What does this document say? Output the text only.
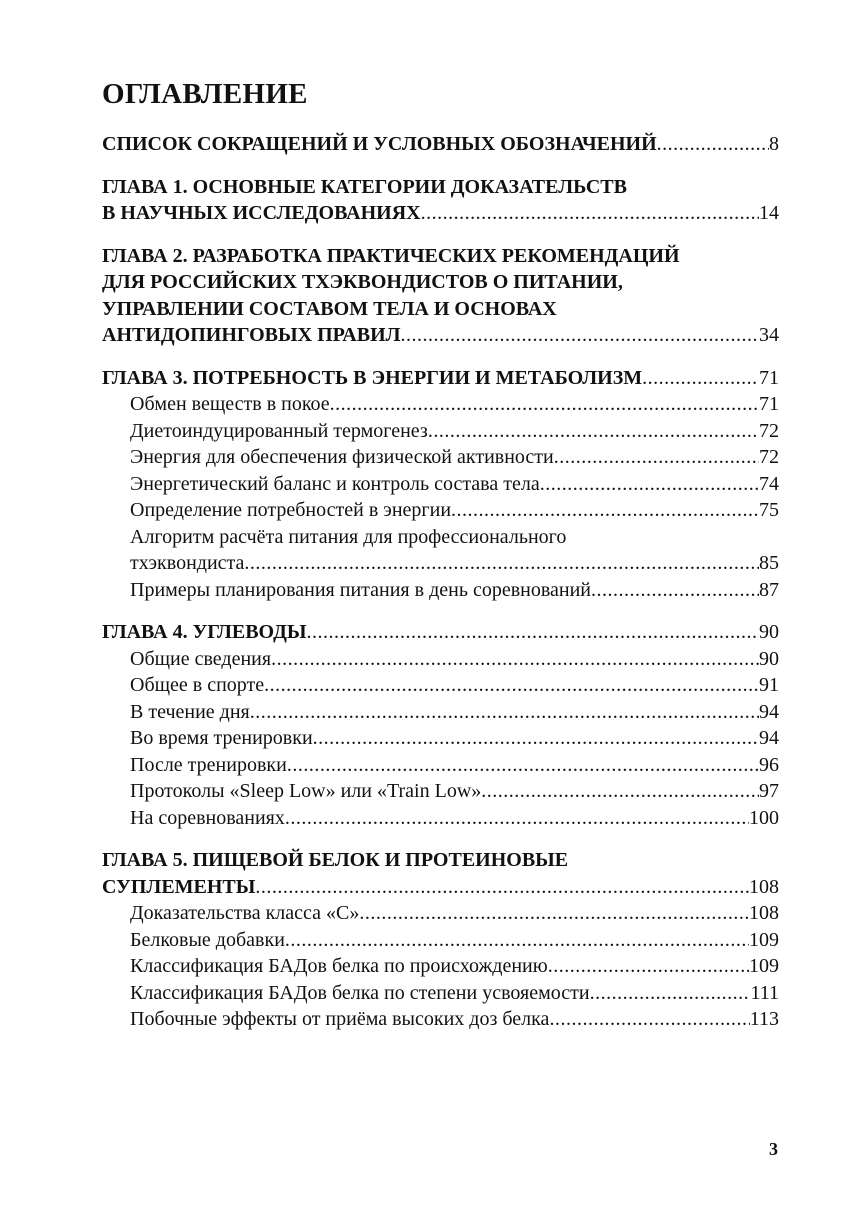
ОГЛАВЛЕНИЕ
СПИСОК СОКРАЩЕНИЙ И УСЛОВНЫХ ОБОЗНАЧЕНИЙ .....	8
ГЛАВА 1. ОСНОВНЫЕ КАТЕГОРИИ ДОКАЗАТЕЛЬСТВ
В НАУЧНЫХ ИССЛЕДОВАНИЯХ .....	14
ГЛАВА 2. РАЗРАБОТКА ПРАКТИЧЕСКИХ РЕКОМЕНДАЦИЙ
ДЛЯ РОССИЙСКИХ ТХЭКВОНДИСТОВ О ПИТАНИИ,
УПРАВЛЕНИИ СОСТАВОМ ТЕЛА И ОСНОВАХ
АНТИДОПИНГОВЫХ ПРАВИЛ .....	34
ГЛАВА 3. ПОТРЕБНОСТЬ В ЭНЕРГИИ И МЕТАБОЛИЗМ .....	71
Обмен веществ в покое .....	71
Диетоиндуцированный термогенез .....	72
Энергия для обеспечения физической активности .....	72
Энергетический баланс и контроль состава тела .....	74
Определение потребностей в энергии .....	75
Алгоритм расчёта питания для профессионального
тхэквондиста .....	85
Примеры планирования питания в день соревнований .....	87
ГЛАВА 4. УГЛЕВОДЫ .....	90
Общие сведения .....	90
Общее в спорте .....	91
В течение дня .....	94
Во время тренировки .....	94
После тренировки .....	96
Протоколы «Sleep Low» или «Train Low» .....	97
На соревнованиях .....	100
ГЛАВА 5. ПИЩЕВОЙ БЕЛОК И ПРОТЕИНОВЫЕ
СУПЛЕМЕНТЫ .....	108
Доказательства класса «C» .....	108
Белковые добавки .....	109
Классификация БАДов белка по происхождению .....	109
Классификация БАДов белка по степени усвояемости .....	111
Побочные эффекты от приёма высоких доз белка .....	113
3
